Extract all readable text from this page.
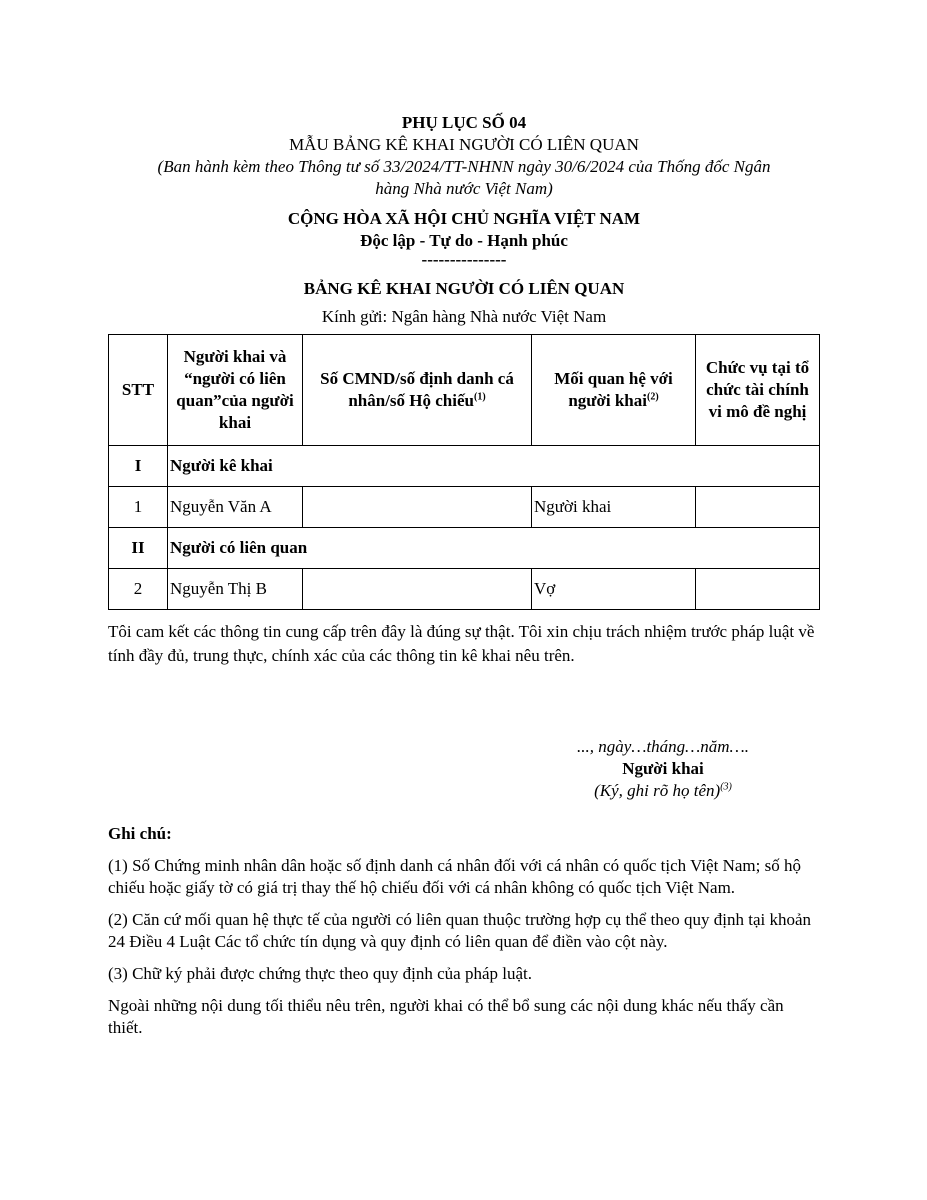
PHỤ LỤC SỐ 04
MẪU BẢNG KÊ KHAI NGƯỜI CÓ LIÊN QUAN
(Ban hành kèm theo Thông tư số 33/2024/TT-NHNN ngày 30/6/2024 của Thống đốc Ngân hàng Nhà nước Việt Nam)
CỘNG HÒA XÃ HỘI CHỦ NGHĨA VIỆT NAM
Độc lập - Tự do - Hạnh phúc
---------------
BẢNG KÊ KHAI NGƯỜI CÓ LIÊN QUAN
Kính gửi: Ngân hàng Nhà nước Việt Nam
STT	Người khai và “người có liên quan”của người khai	Số CMND/số định danh cá nhân/số Hộ chiếu$^{(1)}$	Mối quan hệ với người khai$^{(2)}$	Chức vụ tại tổ chức tài chính vi mô đề nghị
I	Người kê khai			
1	Nguyễn Văn A		Người khai	
II	Người có liên quan			
2	Nguyễn Thị B		Vợ	
Tôi cam kết các thông tin cung cấp trên đây là đúng sự thật. Tôi xin chịu trách nhiệm trước pháp luật về tính đầy đủ, trung thực, chính xác của các thông tin kê khai nêu trên.
..., ngày…tháng…năm….
Người khai
(Ký, ghi rõ họ tên)$^{(3)}$
Ghi chú:

(1) Số Chứng minh nhân dân hoặc số định danh cá nhân đối với cá nhân có quốc tịch Việt Nam; số hộ chiếu hoặc giấy tờ có giá trị thay thế hộ chiếu đối với cá nhân không có quốc tịch Việt Nam.

(2) Căn cứ mối quan hệ thực tế của người có liên quan thuộc trường hợp cụ thể theo quy định tại khoản 24 Điều 4 Luật Các tổ chức tín dụng và quy định có liên quan để điền vào cột này.

(3) Chữ ký phải được chứng thực theo quy định của pháp luật.

Ngoài những nội dung tối thiểu nêu trên, người khai có thể bổ sung các nội dung khác nếu thấy cần thiết.
